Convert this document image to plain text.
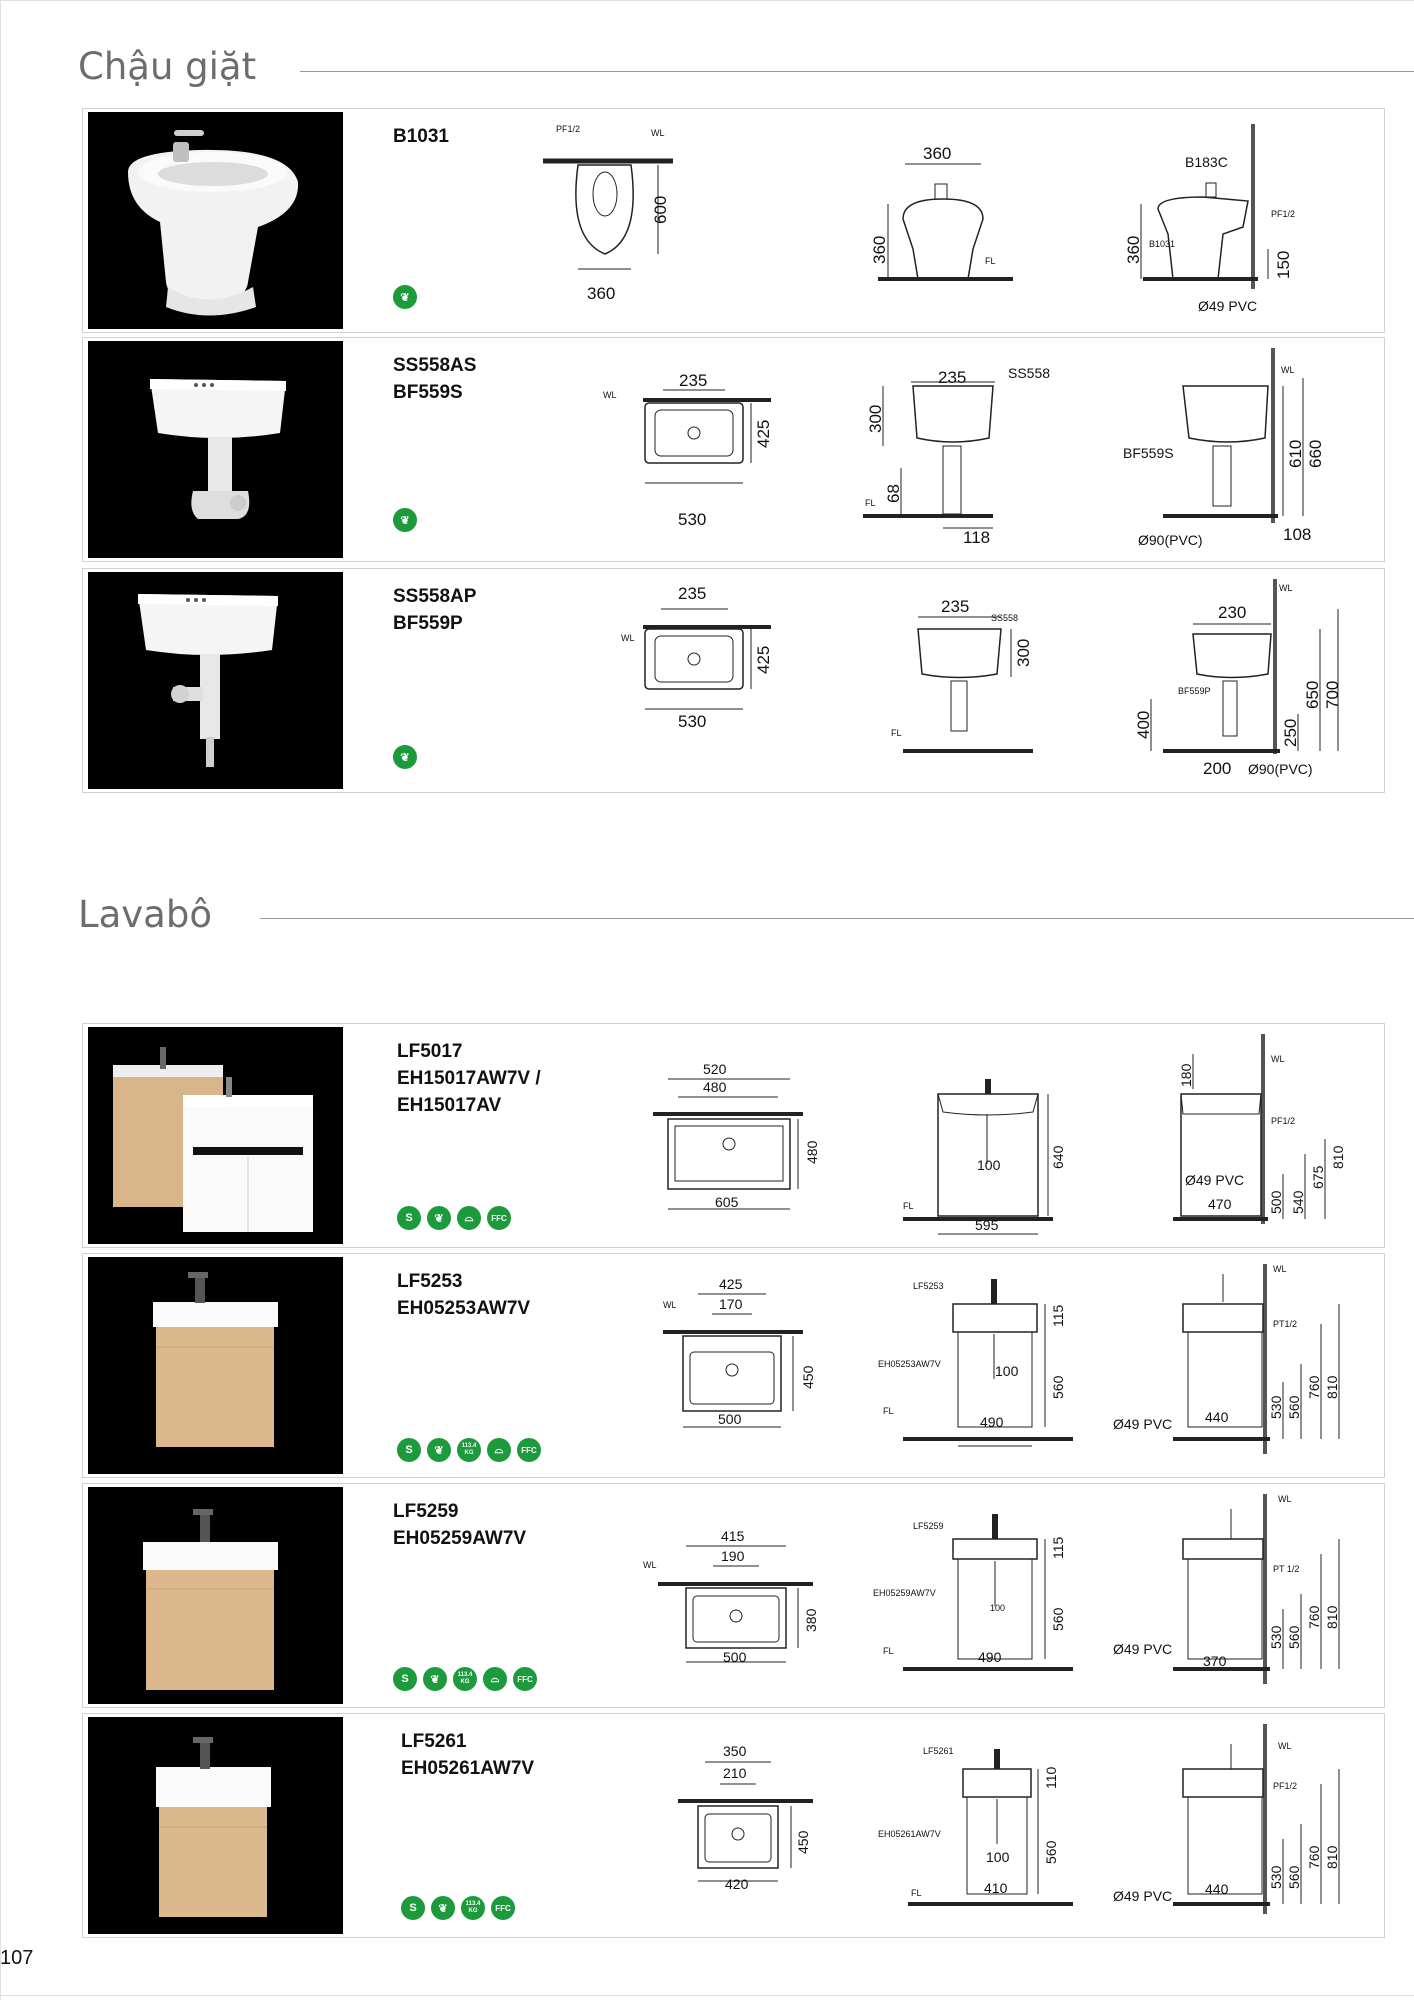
Chậu giặt
B1031
❦
PF1/2	WL
600
360
360
360	FL
B183C
PF1/2
B1031
360
150
Ø49 PVC
SS558AS
BF559S
❦
WL
235
425
530
235	SS558
300
68
FL
118
WL
BF559S	610 660
Ø90(PVC)	108
SS558AP
BF559P
❦
235
WL
425
530
235
SS558
300
FL
WL
230
BF559P
400	250
650 700
200 Ø90(PVC)
Lavabô
LF5017
EH15017AW7V /
EH15017AV
S	❦	⌓	FFC
520
480
480
605	FL
100	640
595
180
WL
PF1/2
Ø49 PVC
500 540
675
810
470
LF5253
EH05253AW7V
S	❦	113.4
KG	⌓	FFC
425
170
WL
450
500
LF5253
EH05253AW7V
115
560
100
490
FL
WL
PT1/2
Ø49 PVC 440	530 560
760 810
LF5259
EH05259AW7V
S	❦	113.4
KG	⌓	FFC
415
190
WL
380
500
LF5259
EH05259AW7V
115
560
100
490
FL
WL
PT 1/2
Ø49 PVC
370
530 560
760 810
LF5261
EH05261AW7V
S	❦	113.4
KG	FFC
350
210
450
420
LF5261
EH05261AW7V
110
560
100
410
FL
WL
PF1/2
Ø49 PVC 440	530 560
760 810
107
